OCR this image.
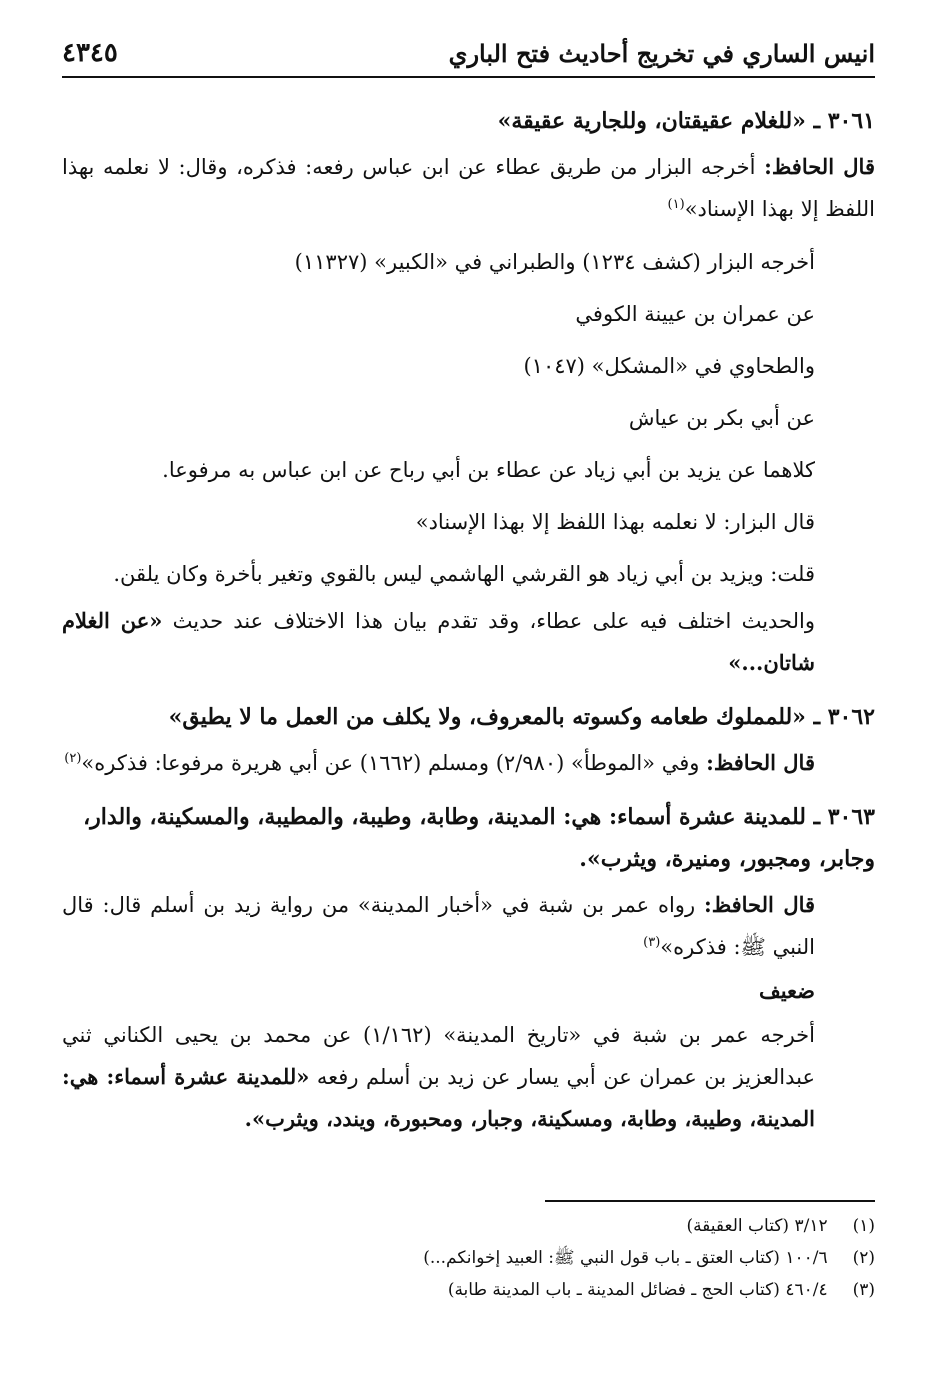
انيس الساري في تخريج أحاديث فتح الباري
٤٣٤٥

٣٠٦١ ـ «للغلام عقيقتان، وللجارية عقيقة»

قال الحافظ: أخرجه البزار من طريق عطاء عن ابن عباس رفعه: فذكره، وقال: لا نعلمه بهذا اللفظ إلا بهذا الإسناد»$^{(١)}$

أخرجه البزار (كشف ١٢٣٤) والطبراني في «الكبير» (١١٣٢٧)

عن عمران بن عيينة الكوفي

والطحاوي في «المشكل» (١٠٤٧)

عن أبي بكر بن عياش

كلاهما عن يزيد بن أبي زياد عن عطاء بن أبي رباح عن ابن عباس به مرفوعا.

قال البزار: لا نعلمه بهذا اللفظ إلا بهذا الإسناد»

قلت: ويزيد بن أبي زياد هو القرشي الهاشمي ليس بالقوي وتغير بأخرة وكان يلقن.

والحديث اختلف فيه على عطاء، وقد تقدم بيان هذا الاختلاف عند حديث «عن الغلام شاتان...»

٣٠٦٢ ـ «للمملوك طعامه وكسوته بالمعروف، ولا يكلف من العمل ما لا يطيق»

قال الحافظ: وفي «الموطأ» (٢/٩٨٠) ومسلم (١٦٦٢) عن أبي هريرة مرفوعا: فذكره»$^{(٢)}$

٣٠٦٣ ـ للمدينة عشرة أسماء: هي: المدينة، وطابة، وطيبة، والمطيبة، والمسكينة، والدار، وجابر، ومجبور، ومنيرة، ويثرب».

قال الحافظ: رواه عمر بن شبة في «أخبار المدينة» من رواية زيد بن أسلم قال: قال النبي ﷺ: فذكره»$^{(٣)}$

ضعيف

أخرجه عمر بن شبة في «تاريخ المدينة» (١/١٦٢) عن محمد بن يحيى الكناني ثني عبدالعزيز بن عمران عن أبي يسار عن زيد بن أسلم رفعه «للمدينة عشرة أسماء: هي: المدينة، وطيبة، وطابة، ومسكينة، وجبار، ومحبورة، ويندد، ويثرب».

(١) ٣/١٢ (كتاب العقيقة)

(٢) ١٠٠/٦ (كتاب العتق ـ باب قول النبي ﷺ: العبيد إخوانكم...)

(٣) ٤٦٠/٤ (كتاب الحج ـ فضائل المدينة ـ باب المدينة طابة)
